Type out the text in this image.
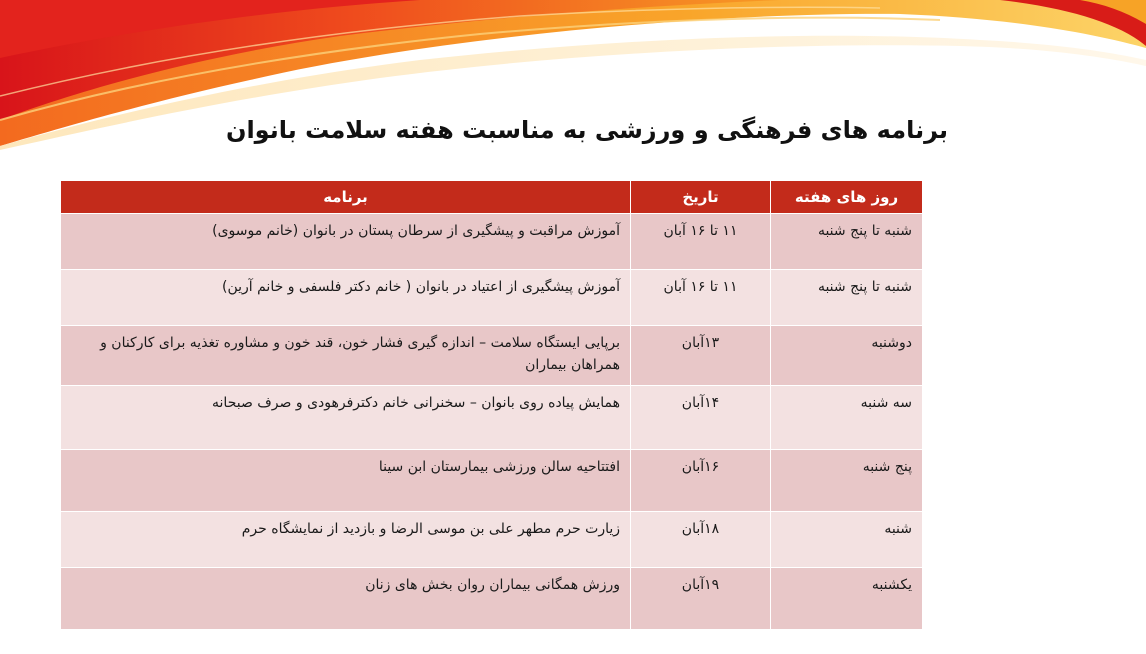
برنامه های فرهنگی و ورزشی به مناسبت هفته سلامت بانوان
روز های هفته	تاریخ	برنامه
شنبه تا پنج شنبه	۱۱ تا ۱۶ آبان	آموزش مراقبت و پیشگیری از سرطان پستان در بانوان (خانم موسوی)
شنبه تا پنج شنبه	۱۱ تا ۱۶ آبان	آموزش پیشگیری از اعتیاد در بانوان ( خانم دکتر فلسفی و خانم آرین)
دوشنبه	۱۳آبان	برپایی ایستگاه سلامت – اندازه گیری فشار خون، قند خون و مشاوره تغذیه برای کارکنان و همراهان بیماران
سه شنبه	۱۴آبان	همایش پیاده روی بانوان – سخنرانی خانم دکترفرهودی و صرف صبحانه
پنج شنبه	۱۶آبان	افتتاحیه سالن ورزشی بیمارستان ابن سینا
شنبه	۱۸آبان	زیارت حرم مطهر علی بن موسی الرضا و بازدید از نمایشگاه حرم
یکشنبه	۱۹آبان	ورزش همگانی بیماران روان بخش های زنان
